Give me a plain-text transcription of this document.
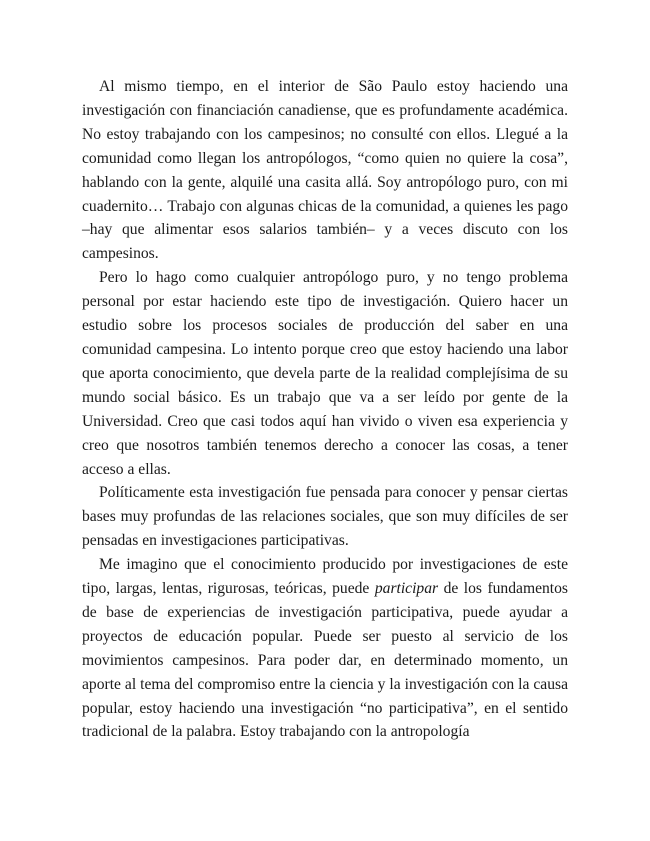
Al mismo tiempo, en el interior de São Paulo estoy haciendo una investigación con financiación canadiense, que es profundamente académica. No estoy trabajando con los campesinos; no consulté con ellos. Llegué a la comunidad como llegan los antropólogos, “como quien no quiere la cosa”, hablando con la gente, alquilé una casita allá. Soy antropólogo puro, con mi cuadernito… Trabajo con algunas chicas de la comunidad, a quienes les pago –hay que alimentar esos salarios también– y a veces discuto con los campesinos.

Pero lo hago como cualquier antropólogo puro, y no tengo problema personal por estar haciendo este tipo de investigación. Quiero hacer un estudio sobre los procesos sociales de producción del saber en una comunidad campesina. Lo intento porque creo que estoy haciendo una labor que aporta conocimiento, que devela parte de la realidad complejísima de su mundo social básico. Es un trabajo que va a ser leído por gente de la Universidad. Creo que casi todos aquí han vivido o viven esa experiencia y creo que nosotros también tenemos derecho a conocer las cosas, a tener acceso a ellas.

Políticamente esta investigación fue pensada para conocer y pensar ciertas bases muy profundas de las relaciones sociales, que son muy difíciles de ser pensadas en investigaciones participativas.

Me imagino que el conocimiento producido por investigaciones de este tipo, largas, lentas, rigurosas, teóricas, puede participar de los fundamentos de base de experiencias de investigación participativa, puede ayudar a proyectos de educación popular. Puede ser puesto al servicio de los movimientos campesinos. Para poder dar, en determinado momento, un aporte al tema del compromiso entre la ciencia y la investigación con la causa popular, estoy haciendo una investigación “no participativa”, en el sentido tradicional de la palabra. Estoy trabajando con la antropología
